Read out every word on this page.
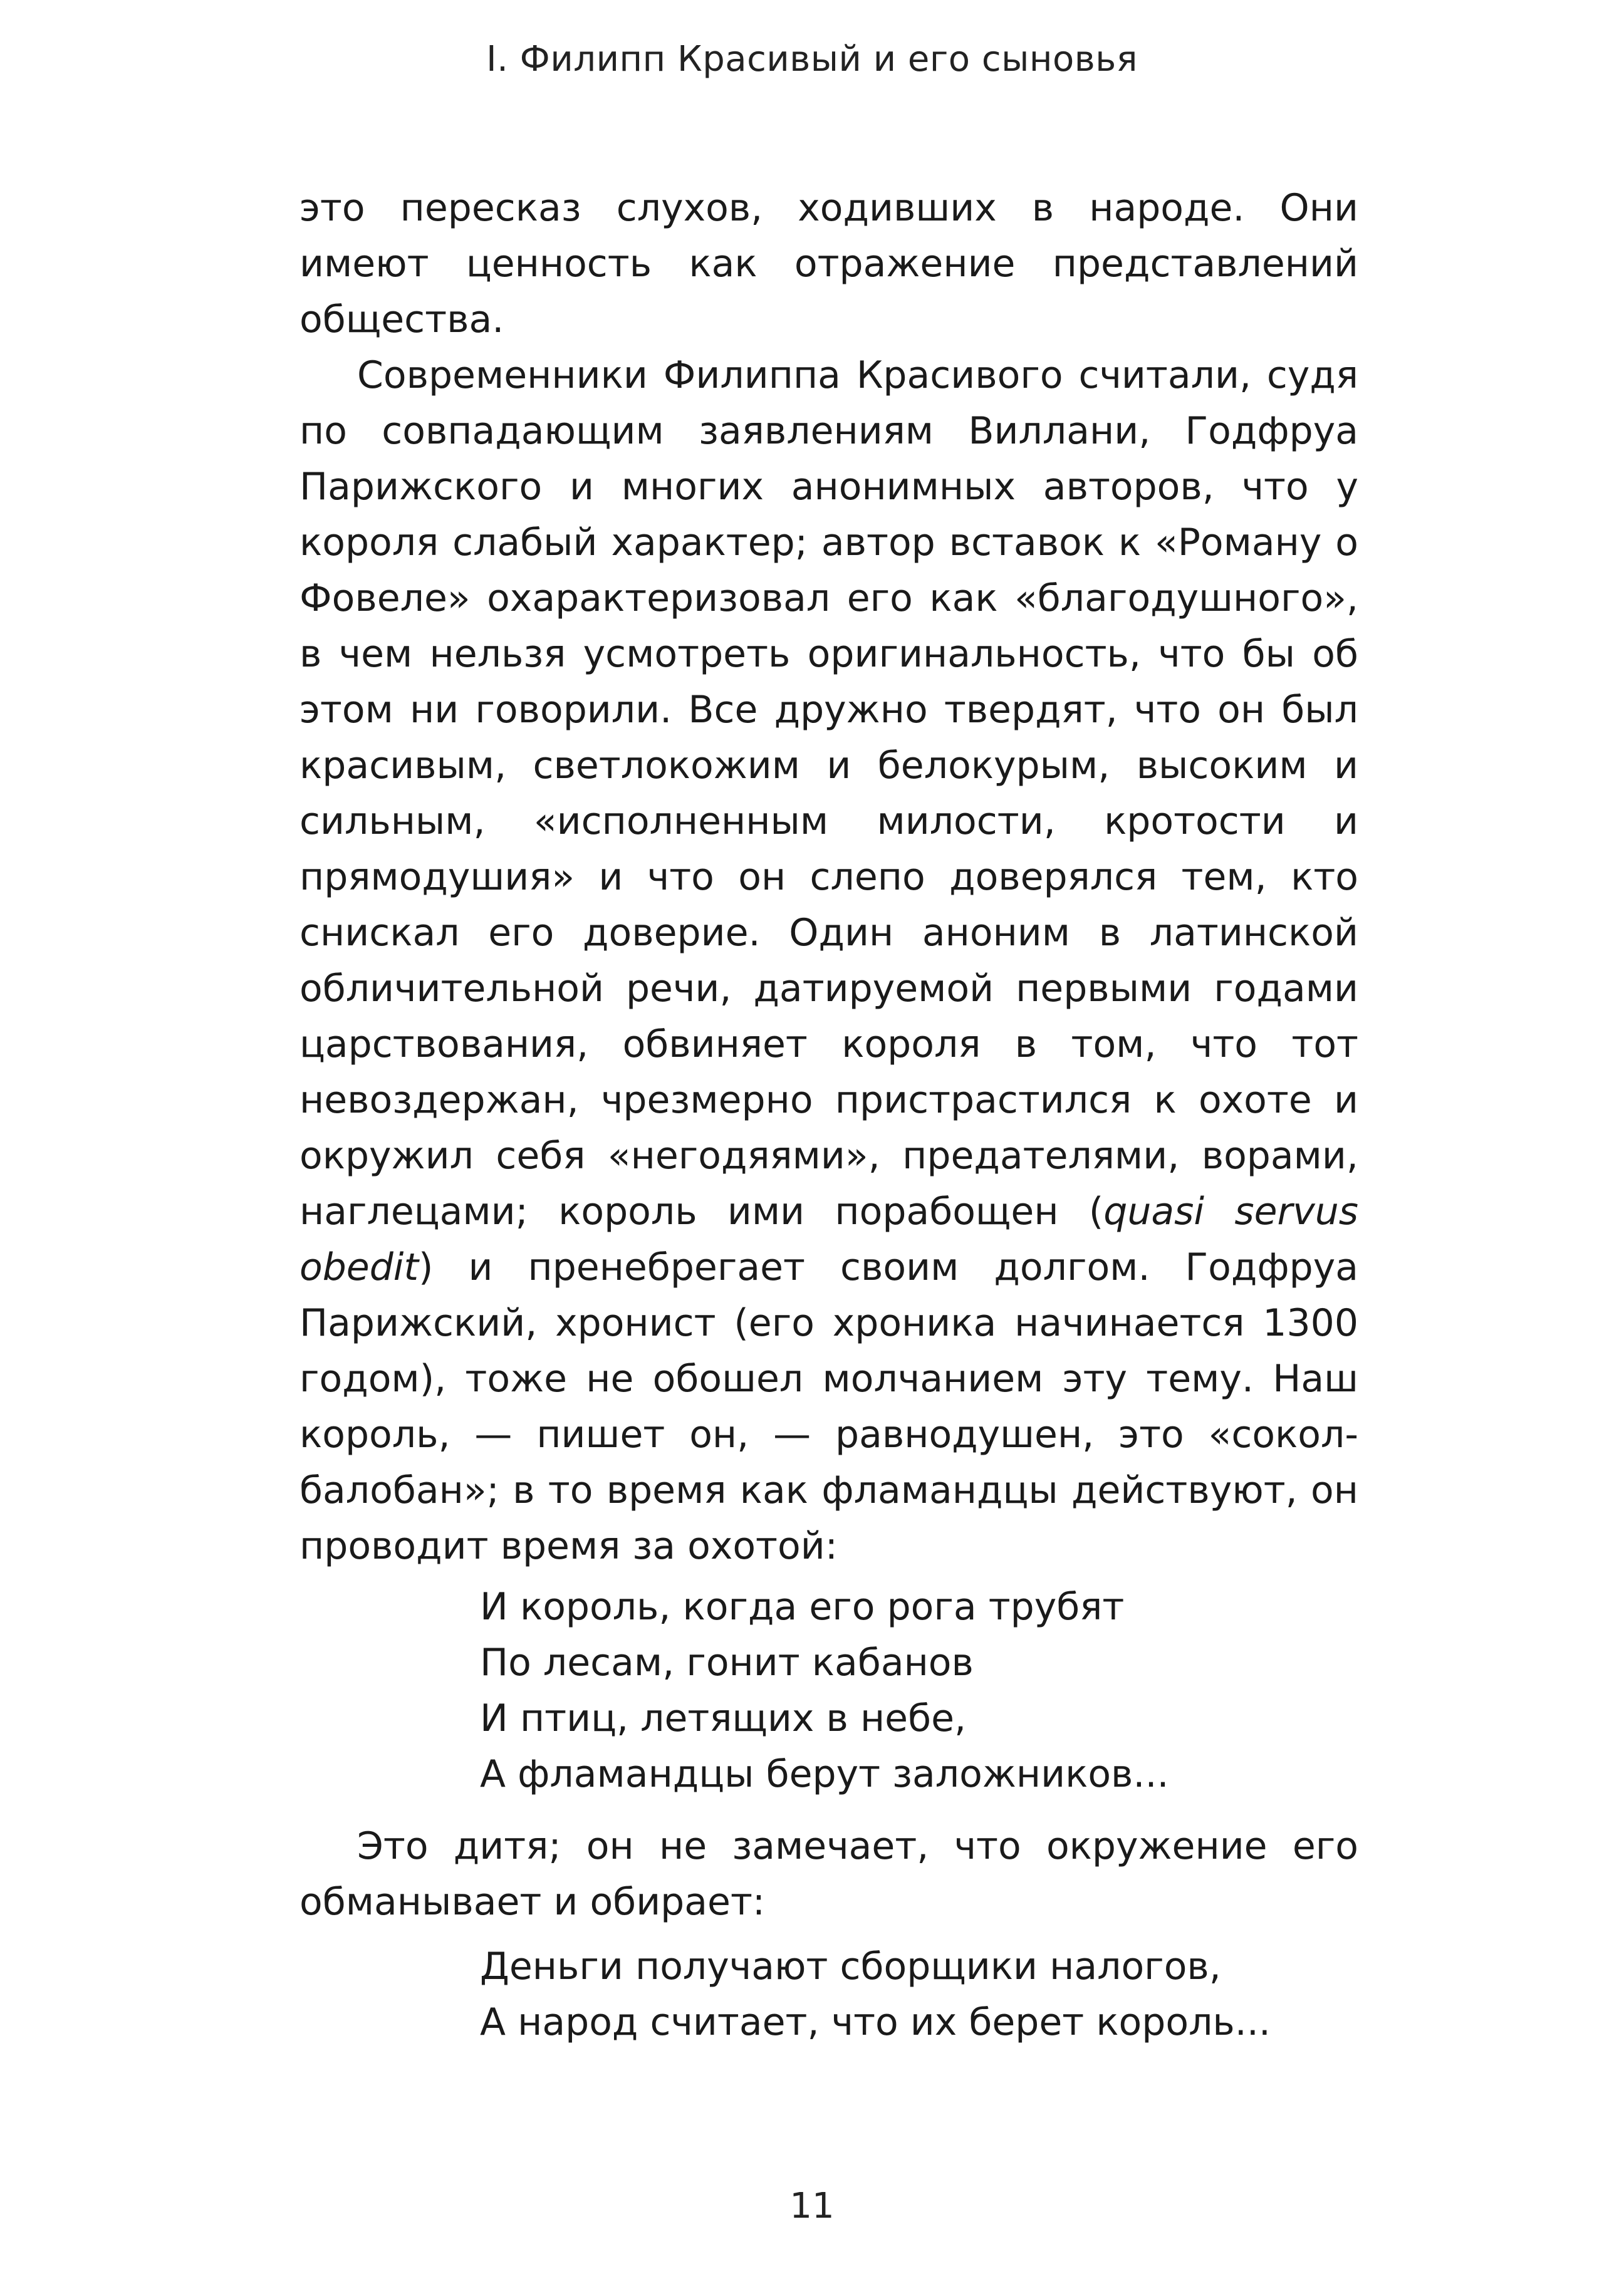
I. Филипп Красивый и его сыновья

это пересказ слухов, ходивших в народе. Они имеют ценность как отражение представлений общества.

Современники Филиппа Красивого считали, судя по совпадающим заявлениям Виллани, Годфруа Парижского и многих анонимных авторов, что у короля слабый характер; автор вставок к «Роману о Фовеле» охарактеризовал его как «благодушного», в чем нельзя усмотреть оригинальность, что бы об этом ни говорили. Все дружно твердят, что он был красивым, светлокожим и белокурым, высоким и сильным, «исполненным милости, кротости и прямодушия» и что он слепо доверялся тем, кто снискал его доверие. Один аноним в латинской обличительной речи, датируемой первыми годами царствования, обвиняет короля в том, что тот невоздержан, чрезмерно пристрастился к охоте и окружил себя «негодяями», предателями, ворами, наглецами; король ими порабощен (quasi servus obedit) и пренебрегает своим долгом. Годфруа Парижский, хронист (его хроника начинается 1300 годом), тоже не обошел молчанием эту тему. Наш король, — пишет он, — равнодушен, это «сокол-балобан»; в то время как фламандцы действуют, он проводит время за охотой:

И король, когда его рога трубят
По лесам, гонит кабанов
И птиц, летящих в небе,
А фламандцы берут заложников...

Это дитя; он не замечает, что окружение его обманывает и обирает:

Деньги получают сборщики налогов,
А народ считает, что их берет король...
11
